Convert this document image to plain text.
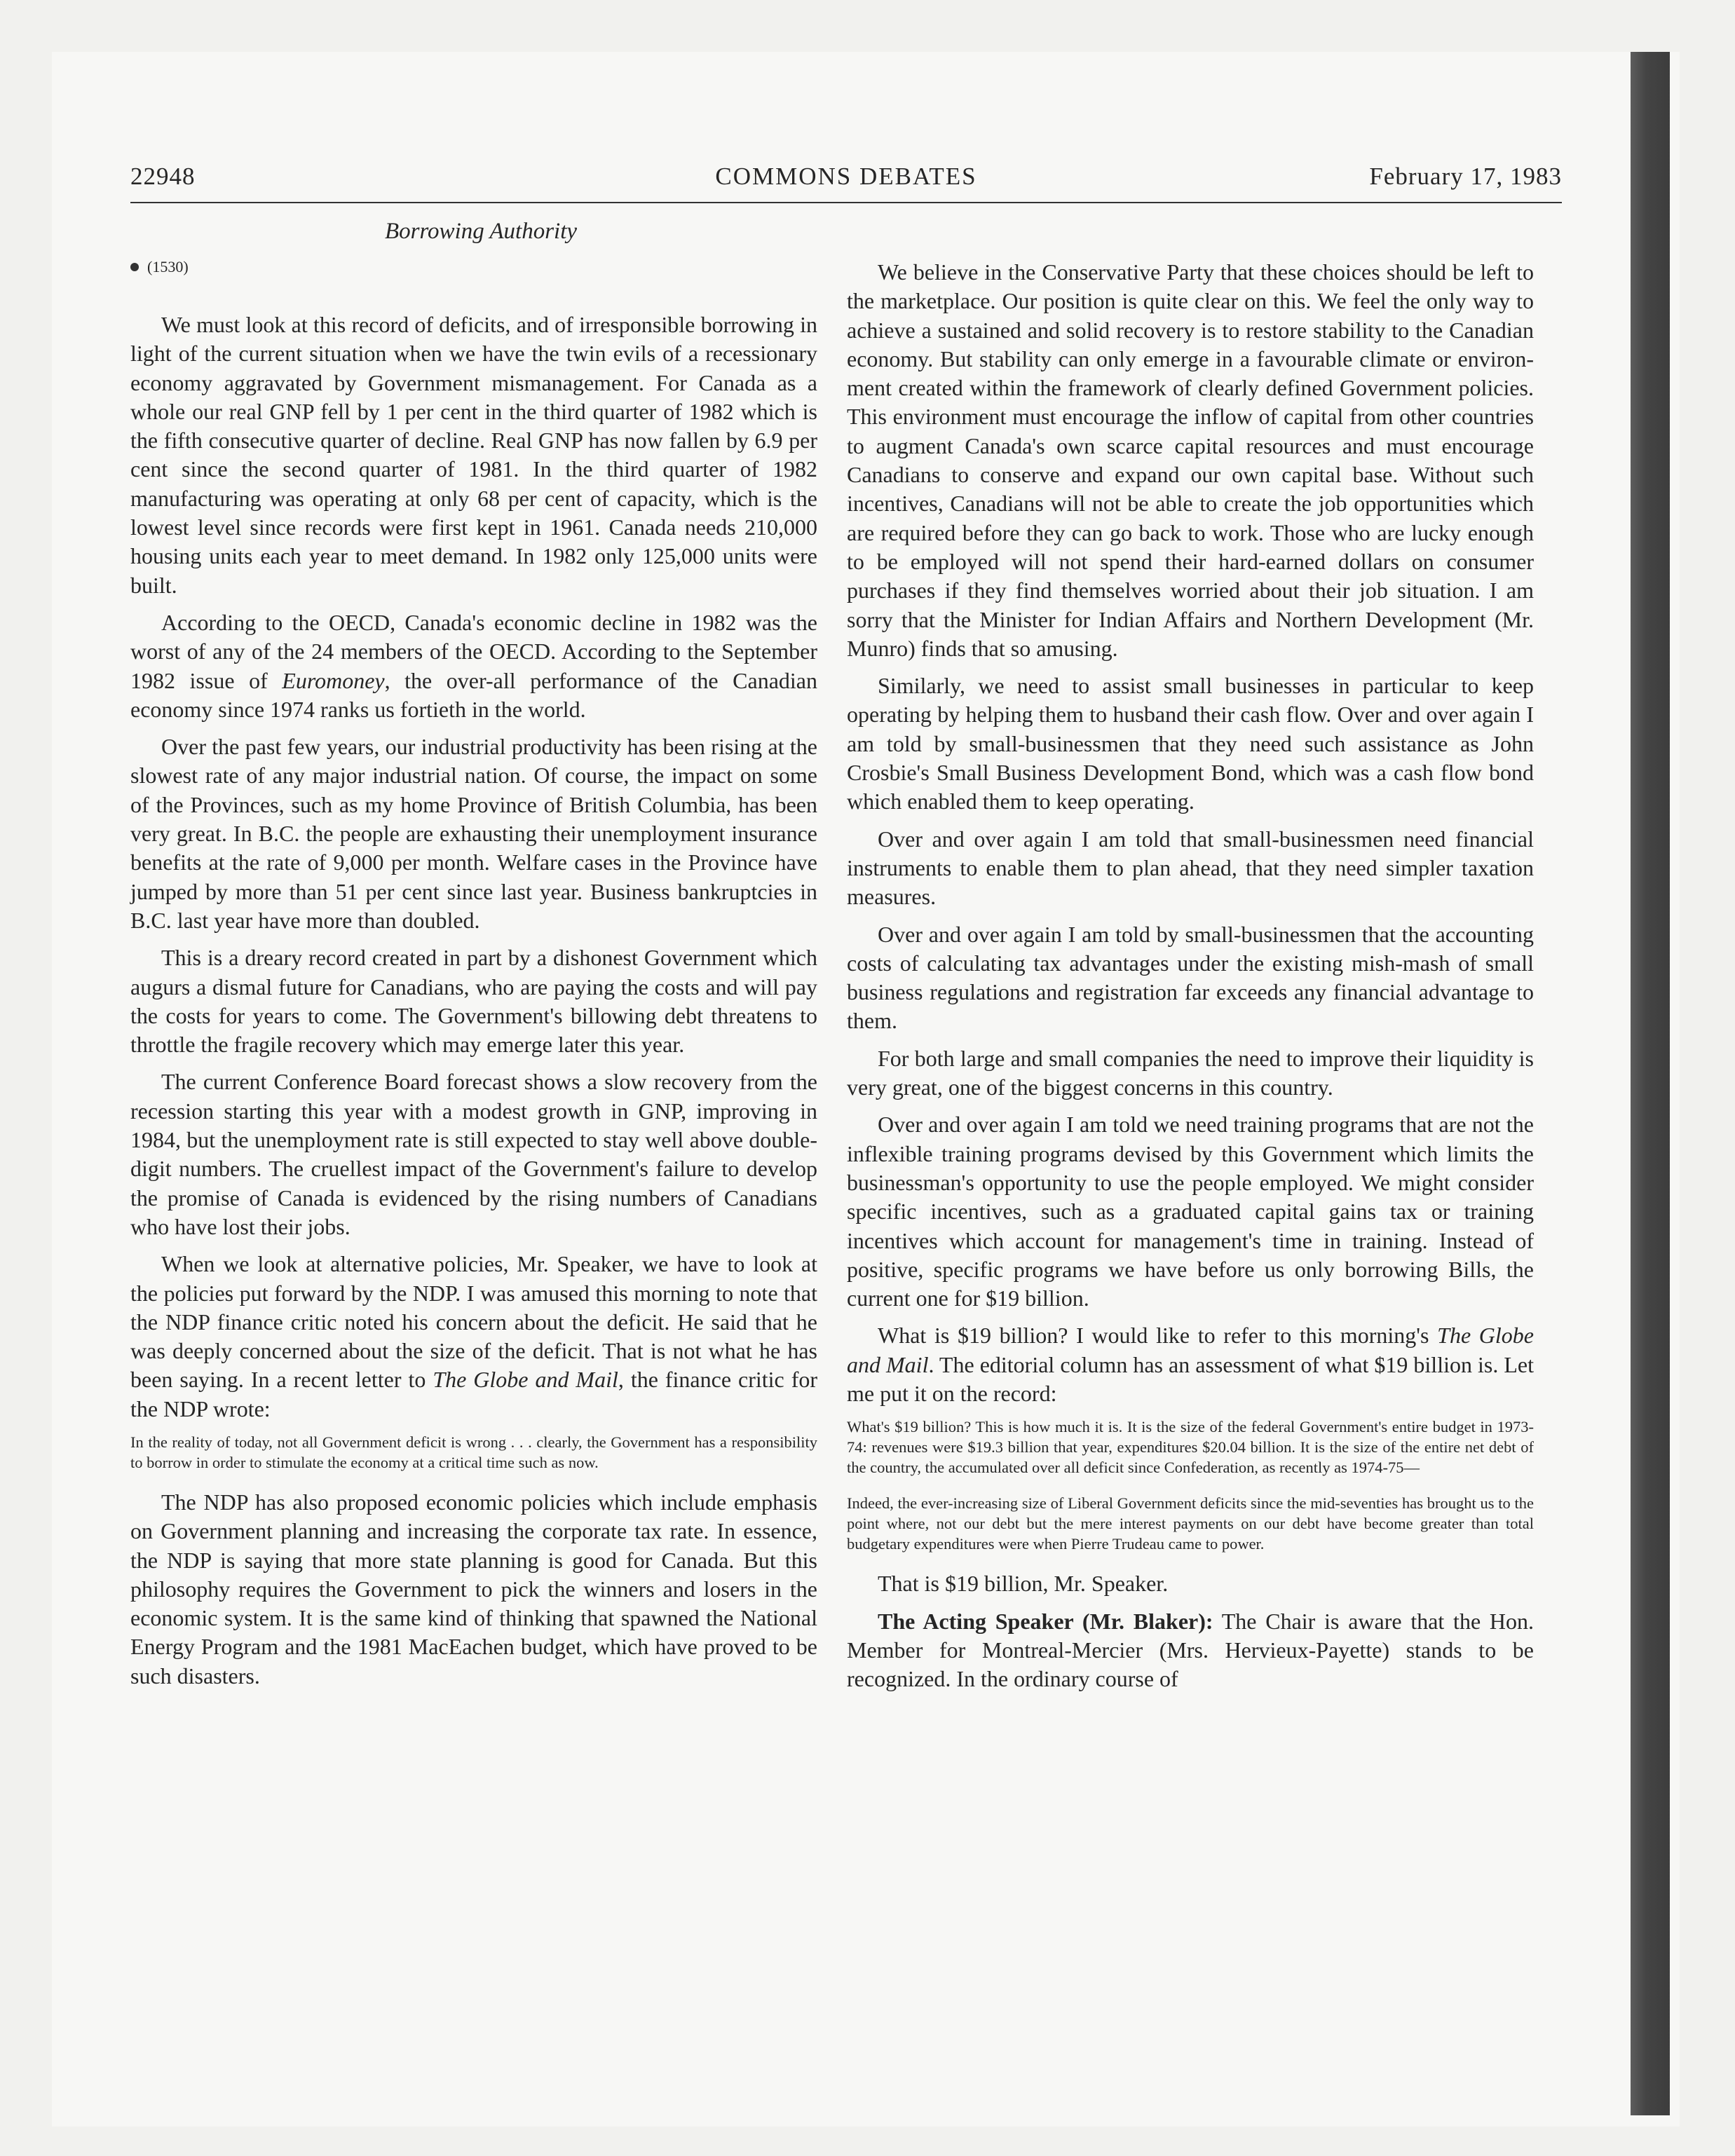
22948	COMMONS DEBATES	February 17, 1983
Borrowing Authority
(1530)

We must look at this record of deficits, and of irresponsible borrowing in light of the current situation when we have the twin evils of a recessionary economy aggravated by Government mismanagement. For Canada as a whole our real GNP fell by 1 per cent in the third quarter of 1982 which is the fifth consecutive quarter of decline. Real GNP has now fallen by 6.9 per cent since the second quarter of 1981. In the third quarter of 1982 manufacturing was operating at only 68 per cent of capacity, which is the lowest level since records were first kept in 1961. Canada needs 210,000 housing units each year to meet demand. In 1982 only 125,000 units were built.

According to the OECD, Canada's economic decline in 1982 was the worst of any of the 24 members of the OECD. According to the September 1982 issue of Euromoney, the over-all performance of the Canadian economy since 1974 ranks us fortieth in the world.

Over the past few years, our industrial productivity has been rising at the slowest rate of any major industrial nation. Of course, the impact on some of the Provinces, such as my home Province of British Columbia, has been very great. In B.C. the people are exhausting their unemployment insurance benefits at the rate of 9,000 per month. Welfare cases in the Province have jumped by more than 51 per cent since last year. Business bankruptcies in B.C. last year have more than doubled.

This is a dreary record created in part by a dishonest Government which augurs a dismal future for Canadians, who are paying the costs and will pay the costs for years to come. The Government's billowing debt threatens to throttle the fragile recovery which may emerge later this year.

The current Conference Board forecast shows a slow recovery from the recession starting this year with a modest growth in GNP, improving in 1984, but the unemployment rate is still expected to stay well above double-digit numbers. The cruellest impact of the Government's failure to develop the promise of Canada is evidenced by the rising numbers of Canadians who have lost their jobs.

When we look at alternative policies, Mr. Speaker, we have to look at the policies put forward by the NDP. I was amused this morning to note that the NDP finance critic noted his concern about the deficit. He said that he was deeply concerned about the size of the deficit. That is not what he has been saying. In a recent letter to The Globe and Mail, the finance critic for the NDP wrote:

In the reality of today, not all Government deficit is wrong . . . clearly, the Government has a responsibility to borrow in order to stimulate the economy at a critical time such as now.

The NDP has also proposed economic policies which include emphasis on Government planning and increasing the corporate tax rate. In essence, the NDP is saying that more state planning is good for Canada. But this philosophy requires the Government to pick the winners and losers in the economic system. It is the same kind of thinking that spawned the National Energy Program and the 1981 MacEachen budget, which have proved to be such disasters.

We believe in the Conservative Party that these choices should be left to the marketplace. Our position is quite clear on this. We feel the only way to achieve a sustained and solid recovery is to restore stability to the Canadian economy. But stability can only emerge in a favourable climate or environment created within the framework of clearly defined Government policies. This environment must encourage the inflow of capital from other countries to augment Canada's own scarce capital resources and must encourage Canadians to conserve and expand our own capital base. Without such incentives, Canadians will not be able to create the job opportunities which are required before they can go back to work. Those who are lucky enough to be employed will not spend their hard-earned dollars on consumer purchases if they find themselves worried about their job situation. I am sorry that the Minister for Indian Affairs and Northern Development (Mr. Munro) finds that so amusing.

Similarly, we need to assist small businesses in particular to keep operating by helping them to husband their cash flow. Over and over again I am told by small-businessmen that they need such assistance as John Crosbie's Small Business Development Bond, which was a cash flow bond which enabled them to keep operating.

Over and over again I am told that small-businessmen need financial instruments to enable them to plan ahead, that they need simpler taxation measures.

Over and over again I am told by small-businessmen that the accounting costs of calculating tax advantages under the existing mish-mash of small business regulations and registration far exceeds any financial advantage to them.

For both large and small companies the need to improve their liquidity is very great, one of the biggest concerns in this country.

Over and over again I am told we need training programs that are not the inflexible training programs devised by this Government which limits the businessman's opportunity to use the people employed. We might consider specific incentives, such as a graduated capital gains tax or training incentives which account for management's time in training. Instead of positive, specific programs we have before us only borrowing Bills, the current one for $19 billion.

What is $19 billion? I would like to refer to this morning's The Globe and Mail. The editorial column has an assessment of what $19 billion is. Let me put it on the record:

What's $19 billion? This is how much it is. It is the size of the federal Government's entire budget in 1973-74: revenues were $19.3 billion that year, expenditures $20.04 billion. It is the size of the entire net debt of the country, the accumulated over all deficit since Confederation, as recently as 1974-75—
Indeed, the ever-increasing size of Liberal Government deficits since the mid-seventies has brought us to the point where, not our debt but the mere interest payments on our debt have become greater than total budgetary expenditures were when Pierre Trudeau came to power.

That is $19 billion, Mr. Speaker.

The Acting Speaker (Mr. Blaker): The Chair is aware that the Hon. Member for Montreal-Mercier (Mrs. Hervieux-Payette) stands to be recognized. In the ordinary course of
